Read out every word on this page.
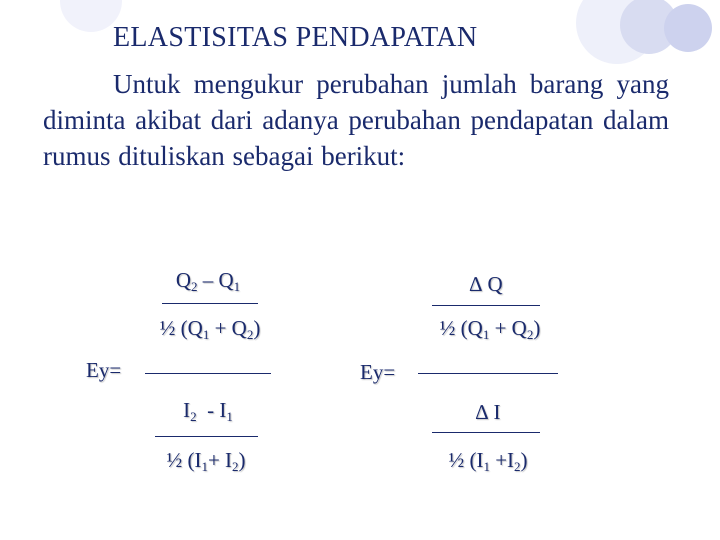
ELASTISITAS PENDAPATAN
Untuk mengukur perubahan jumlah barang yang diminta akibat dari adanya perubahan pendapatan dalam rumus dituliskan sebagai berikut:
$Q_2 - Q_1$
½ $(Q_1 + Q_2)$
Ey=
$I_2 - I_1$
½ $(I_1+ I_2)$
∆ Q
½ $(Q_1 + Q_2)$
Ey=
∆ I
½ $(I_1 +I_2)$
